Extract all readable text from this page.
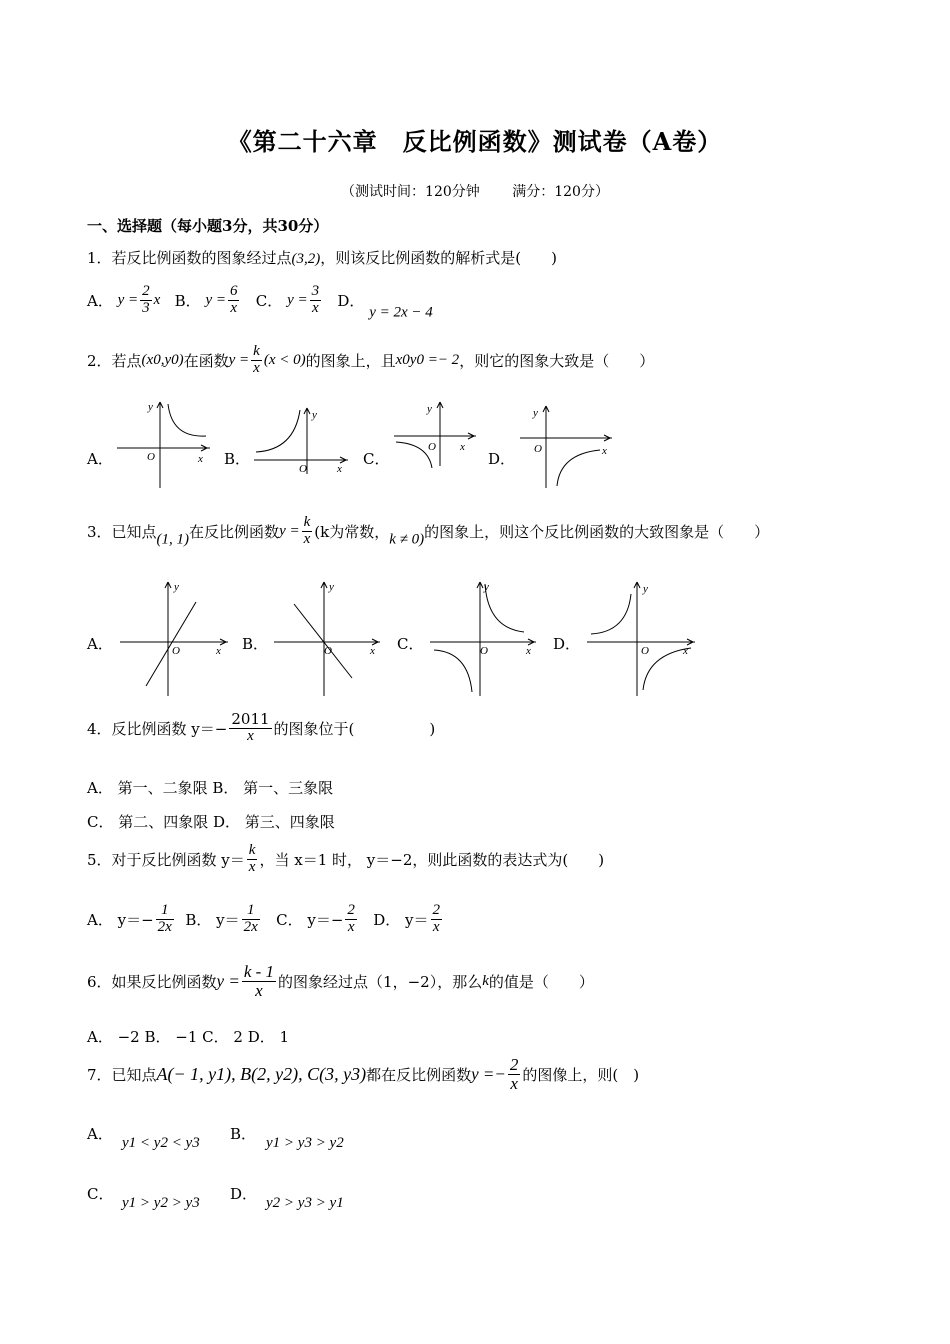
《第二十六章　反比例函数》测试卷（A卷）
（测试时间：120分钟　　 满分：120分）
一、选择题（每小题3分，共30分）
1．若反比例函数的图象经过点(3,2)，则该反比例函数的解析式是(　　)
A． $y = \frac{2}{3}$ x B． $y = \frac{6}{x}$ C． $y = \frac{3}{x}$ D． y = 2x − 4
2．若点(x0,y0)在函数$y = \frac{k}{x} (x < 0)$的图象上，且x0y0 =− 2，则它的图象大致是（　　）
A．	B．	C．	D．
O	x
y
O	x
y
O x
y
O	x
y
3．已知点(1, 1)在反比例函数$y = \frac{k}{x} (k$为常数，k ≠ 0)的图象上，则这个反比例函数的大致图象是（　　）
A．	B．	C．	D．
O	x
y
O	x
y
O	x
y
O	x
y
4．反比例函数 $y=- \frac{2011}{x}$ 的图象位于(　　　　　)
A． 第一、二象限 B． 第一、三象限
C． 第二、四象限 D． 第三、四象限
5．对于反比例函数 $y= \frac{k}{x}$ ，当 x＝1 时， y＝−2，则此函数的表达式为(　　)
A． $y=- \frac{1}{2x}$ B． $y= \frac{1}{2x}$ C． $y=- \frac{2}{x}$ D． $y= \frac{2}{x}$
6．如果反比例函数$y = \frac{k - 1}{x}$ 的图象经过点（1，−2），那么k的值是（　　）
A． −2 B． −1 C． 2 D． 1
7．已知点A(− 1, y1), B(2, y2), C(3, y3)都在反比例函数$y =- \frac{2}{x}$ 的图像上，则(　)
A． y1 < y2 < y3 B． y1 > y3 > y2
C． y1 > y2 > y3 D． y2 > y3 > y1
